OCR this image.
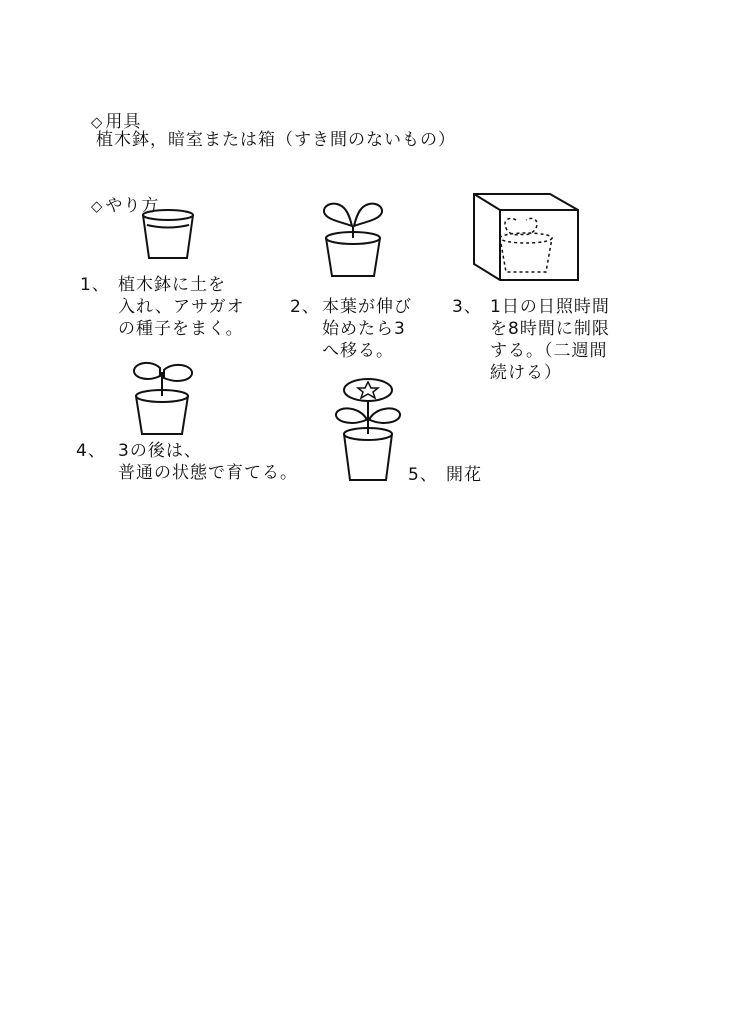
◇ 用具

植木鉢，暗室または箱（すき間のないもの）

◇ やり方

1、 植木鉢に土を
入れ、アサガオ
の種子をまく。
2、 本葉が伸び
始めたら3
へ移る。
3、 1日の日照時間
を8時間に制限
する。（二週間
続ける）
4、 3の後は、
普通の状態で育てる。	5、 開花
